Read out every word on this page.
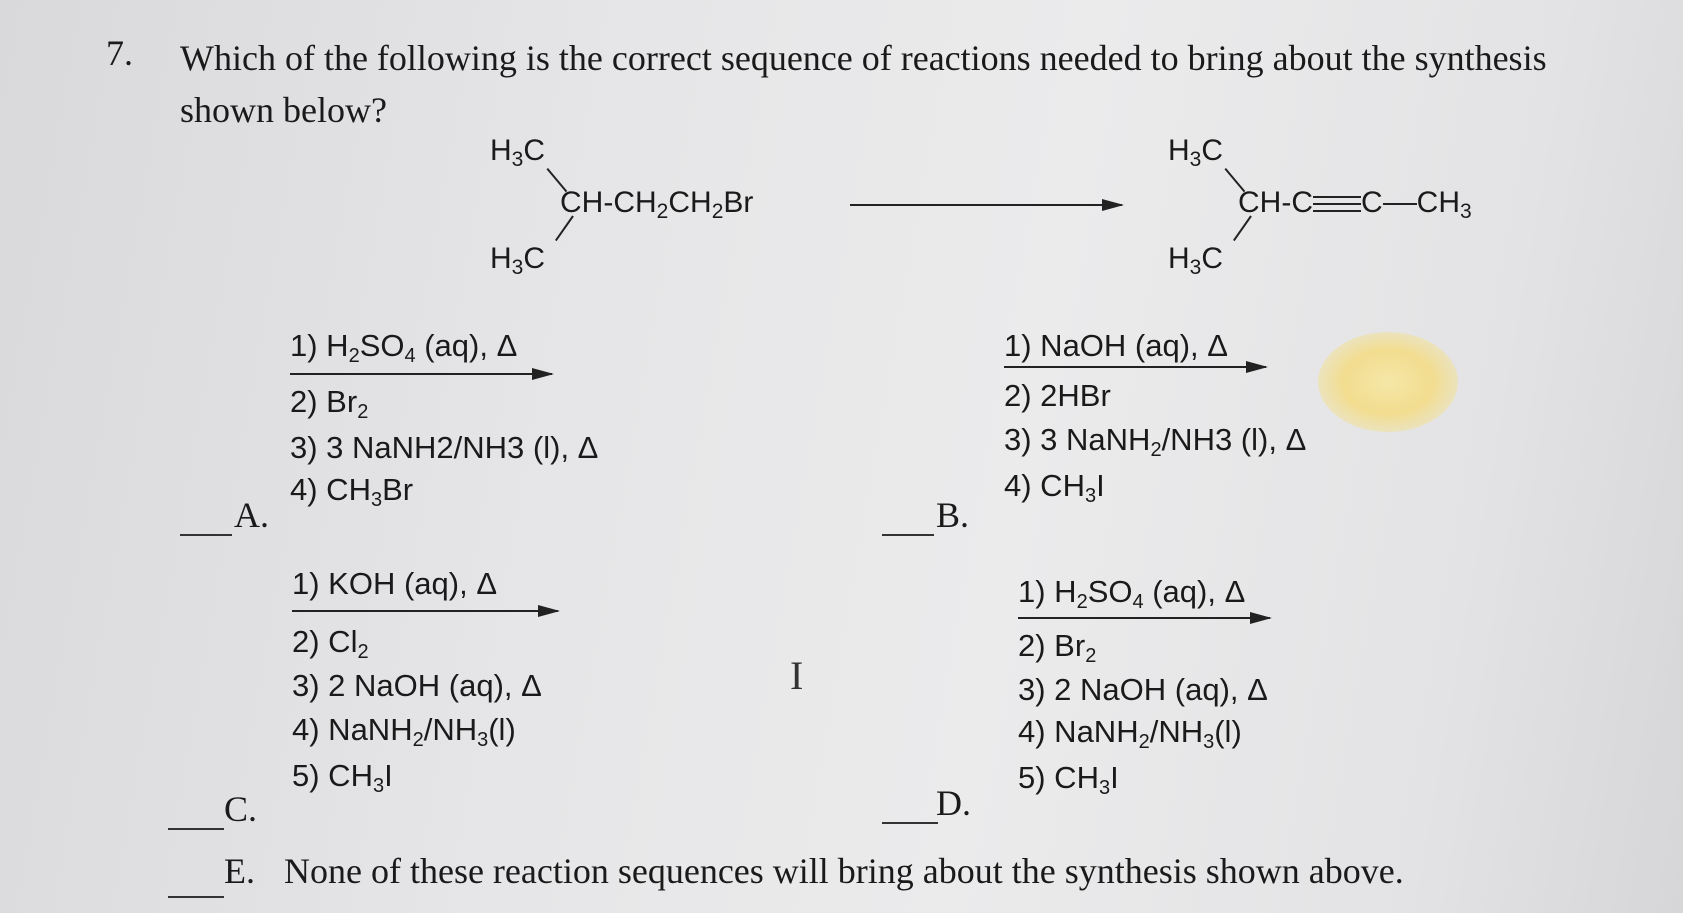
7. Which of the following is the correct sequence of reactions needed to bring about the synthesis shown below?
$H_3C$
$CH-CH_2CH_2Br$
$H_3C$
$H_3C$
CH-C C $CH_3$
$H_3C$
1) $H_2SO_4$ (aq), Δ
2) $Br_2$
3) 3 NaNH2/NH3 (l), Δ
4) $CH_3Br$
A.
1) NaOH (aq), Δ
2) 2HBr
3) 3 NaNH$_2$/NH3 (l), Δ
4) $CH_3I$
B.
1) KOH (aq), Δ
2) $Cl_2$
3) 2 NaOH (aq), Δ
4) $NaNH_2/NH_3(l)$
5) $CH_3I$
C.
I
1) $H_2SO_4$ (aq), Δ
2) $Br_2$
3) 2 NaOH (aq), Δ
4) $NaNH_2/NH_3(l)$
5) $CH_3I$
D.
E. None of these reaction sequences will bring about the synthesis shown above.
